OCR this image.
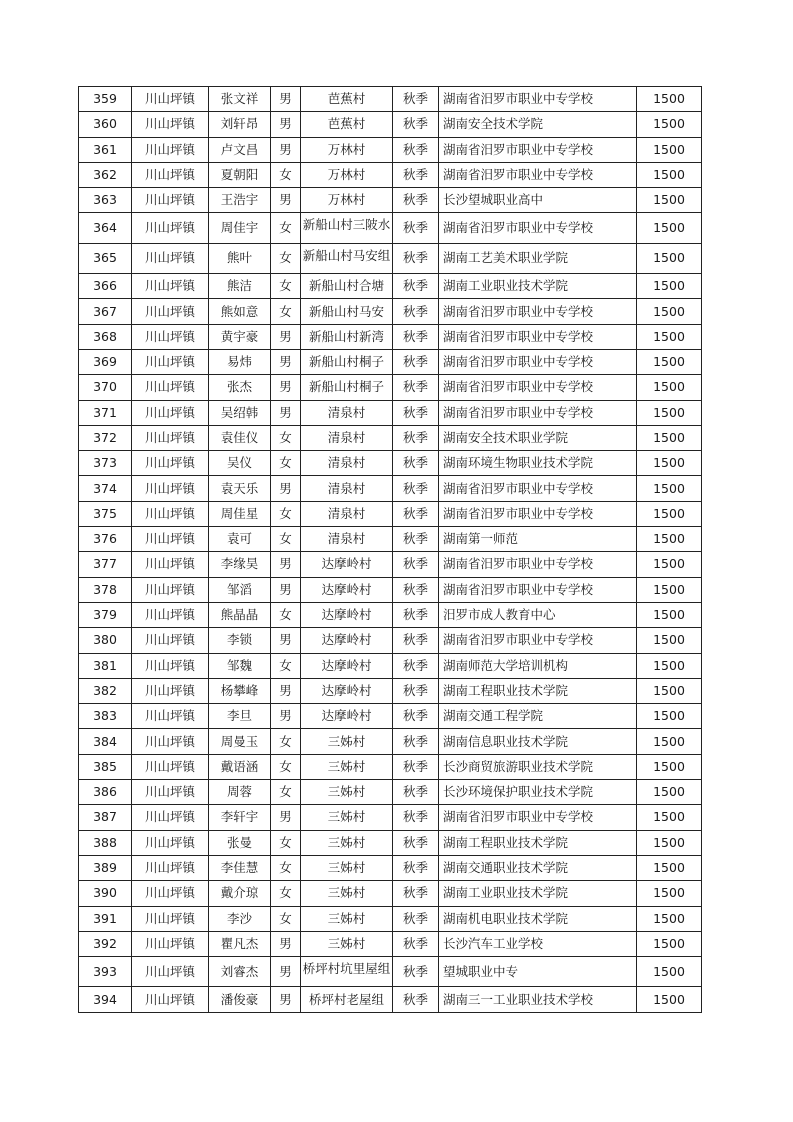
359	川山坪镇	张文祥	男	芭蕉村	秋季	湖南省汨罗市职业中专学校	1500
360	川山坪镇	刘轩昂	男	芭蕉村	秋季	湖南安全技术学院	1500
361	川山坪镇	卢文昌	男	万林村	秋季	湖南省汨罗市职业中专学校	1500
362	川山坪镇	夏朝阳	女	万林村	秋季	湖南省汨罗市职业中专学校	1500
363	川山坪镇	王浩宇	男	万林村	秋季	长沙望城职业高中	1500
364	川山坪镇	周佳宇	女	新船山村三陂水	秋季	湖南省汨罗市职业中专学校	1500
365	川山坪镇	熊叶	女	新船山村马安组	秋季	湖南工艺美术职业学院	1500
366	川山坪镇	熊洁	女	新船山村合塘	秋季	湖南工业职业技术学院	1500
367	川山坪镇	熊如意	女	新船山村马安	秋季	湖南省汨罗市职业中专学校	1500
368	川山坪镇	黄宇豪	男	新船山村新湾	秋季	湖南省汨罗市职业中专学校	1500
369	川山坪镇	易炜	男	新船山村桐子	秋季	湖南省汨罗市职业中专学校	1500
370	川山坪镇	张杰	男	新船山村桐子	秋季	湖南省汨罗市职业中专学校	1500
371	川山坪镇	吴绍韩	男	清泉村	秋季	湖南省汨罗市职业中专学校	1500
372	川山坪镇	袁佳仪	女	清泉村	秋季	湖南安全技术职业学院	1500
373	川山坪镇	吴仪	女	清泉村	秋季	湖南环境生物职业技术学院	1500
374	川山坪镇	袁天乐	男	清泉村	秋季	湖南省汨罗市职业中专学校	1500
375	川山坪镇	周佳星	女	清泉村	秋季	湖南省汨罗市职业中专学校	1500
376	川山坪镇	袁可	女	清泉村	秋季	湖南第一师范	1500
377	川山坪镇	李缘昊	男	达摩岭村	秋季	湖南省汨罗市职业中专学校	1500
378	川山坪镇	邹滔	男	达摩岭村	秋季	湖南省汨罗市职业中专学校	1500
379	川山坪镇	熊晶晶	女	达摩岭村	秋季	汨罗市成人教育中心	1500
380	川山坪镇	李锁	男	达摩岭村	秋季	湖南省汨罗市职业中专学校	1500
381	川山坪镇	邹魏	女	达摩岭村	秋季	湖南师范大学培训机构	1500
382	川山坪镇	杨攀峰	男	达摩岭村	秋季	湖南工程职业技术学院	1500
383	川山坪镇	李旦	男	达摩岭村	秋季	湖南交通工程学院	1500
384	川山坪镇	周曼玉	女	三姊村	秋季	湖南信息职业技术学院	1500
385	川山坪镇	戴语涵	女	三姊村	秋季	长沙商贸旅游职业技术学院	1500
386	川山坪镇	周蓉	女	三姊村	秋季	长沙环境保护职业技术学院	1500
387	川山坪镇	李轩宇	男	三姊村	秋季	湖南省汨罗市职业中专学校	1500
388	川山坪镇	张曼	女	三姊村	秋季	湖南工程职业技术学院	1500
389	川山坪镇	李佳慧	女	三姊村	秋季	湖南交通职业技术学院	1500
390	川山坪镇	戴介琼	女	三姊村	秋季	湖南工业职业技术学院	1500
391	川山坪镇	李沙	女	三姊村	秋季	湖南机电职业技术学院	1500
392	川山坪镇	瞿凡杰	男	三姊村	秋季	长沙汽车工业学校	1500
393	川山坪镇	刘睿杰	男	桥坪村坑里屋组	秋季	望城职业中专	1500
394	川山坪镇	潘俊豪	男	桥坪村老屋组	秋季	湖南三一工业职业技术学校	1500
